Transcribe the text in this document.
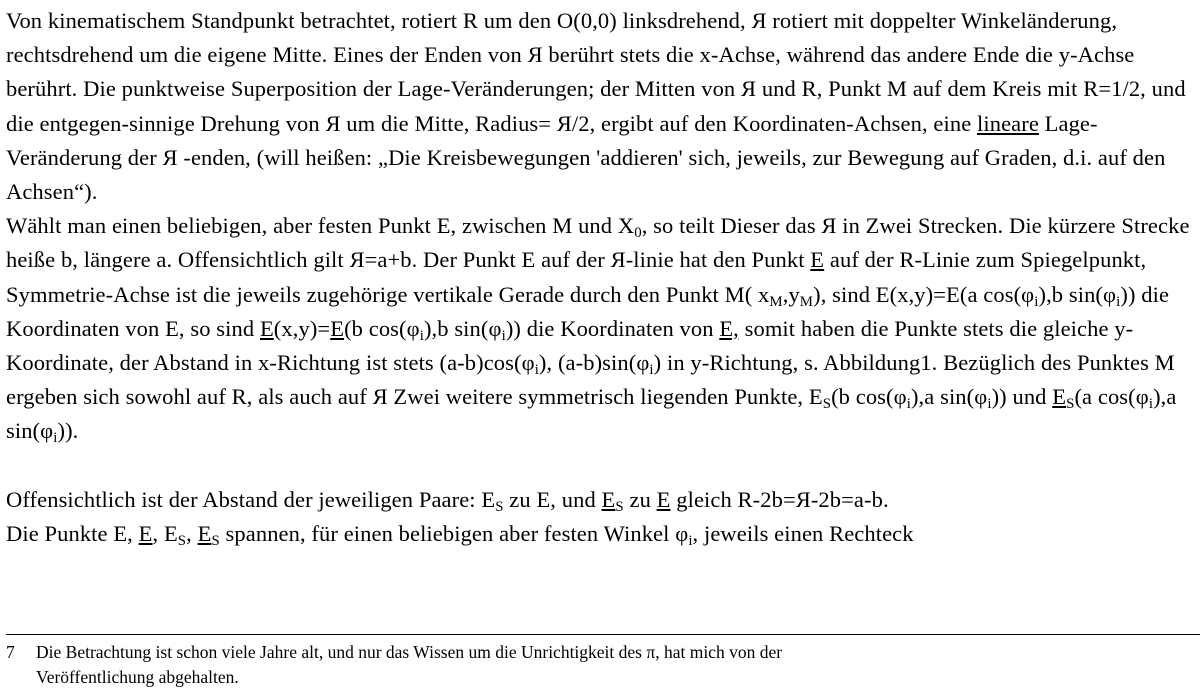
Von kinematischem Standpunkt betrachtet, rotiert R um den O(0,0) linksdrehend, Я rotiert mit doppelter Winkeländerung, rechtsdrehend um die eigene Mitte. Eines der Enden von Я berührt stets die x-Achse, während das andere Ende die y-Achse berührt. Die punktweise Superposition der Lage-Veränderungen; der Mitten von Я und R, Punkt M auf dem Kreis mit R=1/2, und die entgegen-sinnige Drehung von Я um die Mitte, Radius= Я/2, ergibt auf den Koordinaten-Achsen, eine lineare Lage-Veränderung der Я -enden, (will heißen: „Die Kreisbewegungen 'addieren' sich, jeweils, zur Bewegung auf Graden, d.i. auf den Achsen“).

Wählt man einen beliebigen, aber festen Punkt E, zwischen M und $X_0$, so teilt Dieser das Я in Zwei Strecken. Die kürzere Strecke heiße b, längere a. Offensichtlich gilt Я=a+b. Der Punkt E auf der Я-linie hat den Punkt E auf der R-Linie zum Spiegelpunkt, Symmetrie-Achse ist die jeweils zugehörige vertikale Gerade durch den Punkt M( $x_M,y_M$), sind E(x,y)=E(a $\cos(\varphi_i),b$ $\sin(\varphi_i)$) die Koordinaten von E, so sind E(x,y)=E(b $\cos(\varphi_i),b$ $\sin(\varphi_i)$) die Koordinaten von E, somit haben die Punkte stets die gleiche y-Koordinate, der Abstand in x-Richtung ist stets $(a-b)\cos(\varphi_i)$, $(a-b)\sin(\varphi_i)$ in y-Richtung, s. Abbildung1. Bezüglich des Punktes M ergeben sich sowohl auf R, als auch auf Я Zwei weitere symmetrisch liegenden Punkte, $E_S(b$ $\cos(\varphi_i),a$ $\sin(\varphi_i)$) und $E_S(a$ $\cos(\varphi_i),a$ $\sin(\varphi_i)$).

Offensichtlich ist der Abstand der jeweiligen Paare: $E_S$ zu E, und $E_S$ zu E gleich R-2b=Я-2b=a-b.

Die Punkte E, E, $E_S$, $E_S$ spannen, für einen beliebigen aber festen Winkel $\varphi_i$, jeweils einen Rechteck

7	Die Betrachtung ist schon viele Jahre alt, und nur das Wissen um die Unrichtigkeit des π, hat mich von der
Veröffentlichung abgehalten.
